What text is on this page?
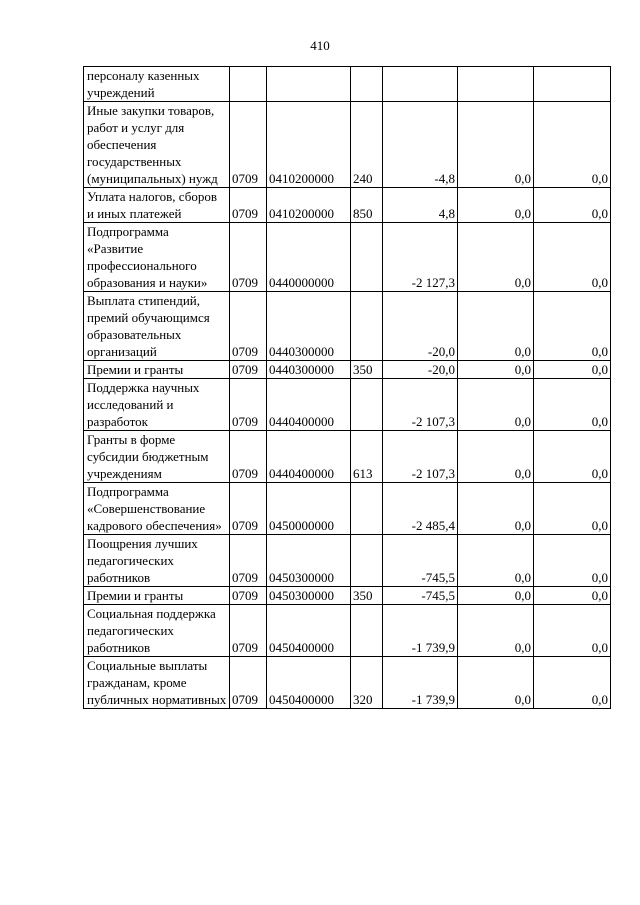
410
персоналу казенных учреждений						
Иные закупки товаров, работ и услуг для обеспечения государственных (муниципальных) нужд	0709	0410200000	240	-4,8	0,0	0,0
Уплата налогов, сборов и иных платежей	0709	0410200000	850	4,8	0,0	0,0
Подпрограмма «Развитие профессионального образования и науки»	0709	0440000000		-2 127,3	0,0	0,0
Выплата стипендий, премий обучающимся образовательных организаций	0709	0440300000		-20,0	0,0	0,0
Премии и гранты	0709	0440300000	350	-20,0	0,0	0,0
Поддержка научных исследований и разработок	0709	0440400000		-2 107,3	0,0	0,0
Гранты в форме субсидии бюджетным учреждениям	0709	0440400000	613	-2 107,3	0,0	0,0
Подпрограмма «Совершенствование кадрового обеспечения»	0709	0450000000		-2 485,4	0,0	0,0
Поощрения лучших педагогических работников	0709	0450300000		-745,5	0,0	0,0
Премии и гранты	0709	0450300000	350	-745,5	0,0	0,0
Социальная поддержка педагогических работников	0709	0450400000		-1 739,9	0,0	0,0
Социальные выплаты гражданам, кроме публичных нормативных	0709	0450400000	320	-1 739,9	0,0	0,0
